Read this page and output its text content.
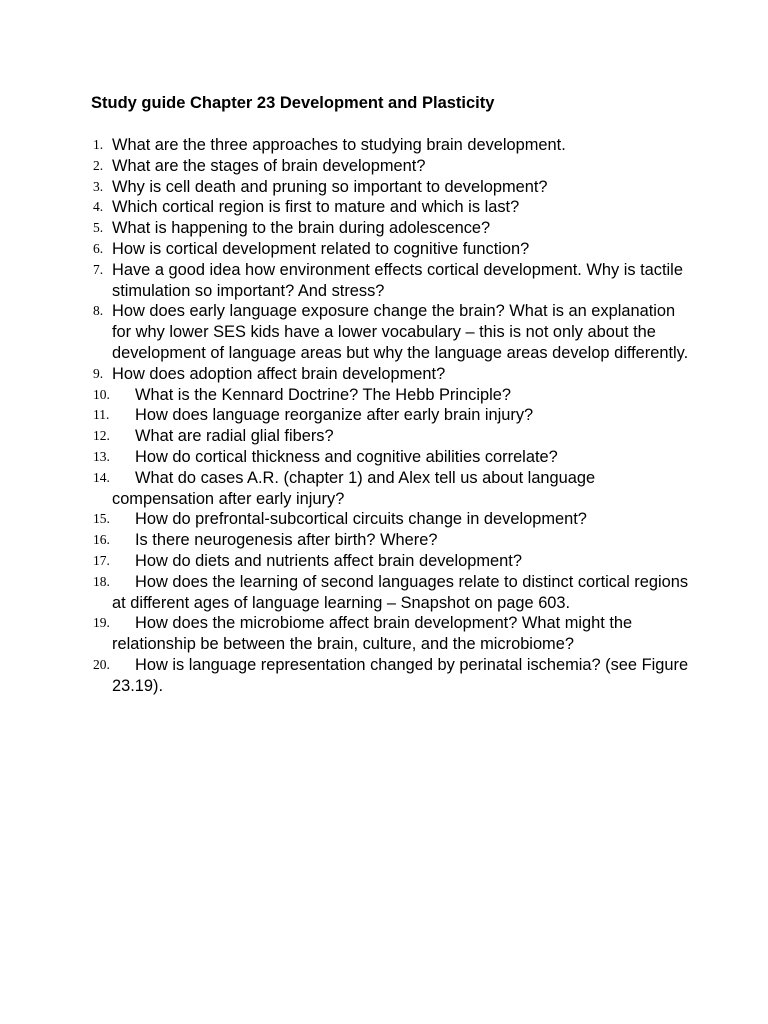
Study guide Chapter 23 Development and Plasticity
1. What are the three approaches to studying brain development.
2. What are the stages of brain development?
3. Why is cell death and pruning so important to development?
4. Which cortical region is first to mature and which is last?
5. What is happening to the brain during adolescence?
6. How is cortical development related to cognitive function?
7. Have a good idea how environment effects cortical development. Why is tactile stimulation so important? And stress?
8. How does early language exposure change the brain? What is an explanation for why lower SES kids have a lower vocabulary – this is not only about the development of language areas but why the language areas develop differently.
9. How does adoption affect brain development?
10. What is the Kennard Doctrine? The Hebb Principle?
11. How does language reorganize after early brain injury?
12. What are radial glial fibers?
13. How do cortical thickness and cognitive abilities correlate?
14. What do cases A.R. (chapter 1) and Alex tell us about language compensation after early injury?
15. How do prefrontal-subcortical circuits change in development?
16. Is there neurogenesis after birth? Where?
17. How do diets and nutrients affect brain development?
18. How does the learning of second languages relate to distinct cortical regions at different ages of language learning – Snapshot on page 603.
19. How does the microbiome affect brain development? What might the relationship be between the brain, culture, and the microbiome?
20. How is language representation changed by perinatal ischemia? (see Figure 23.19).
